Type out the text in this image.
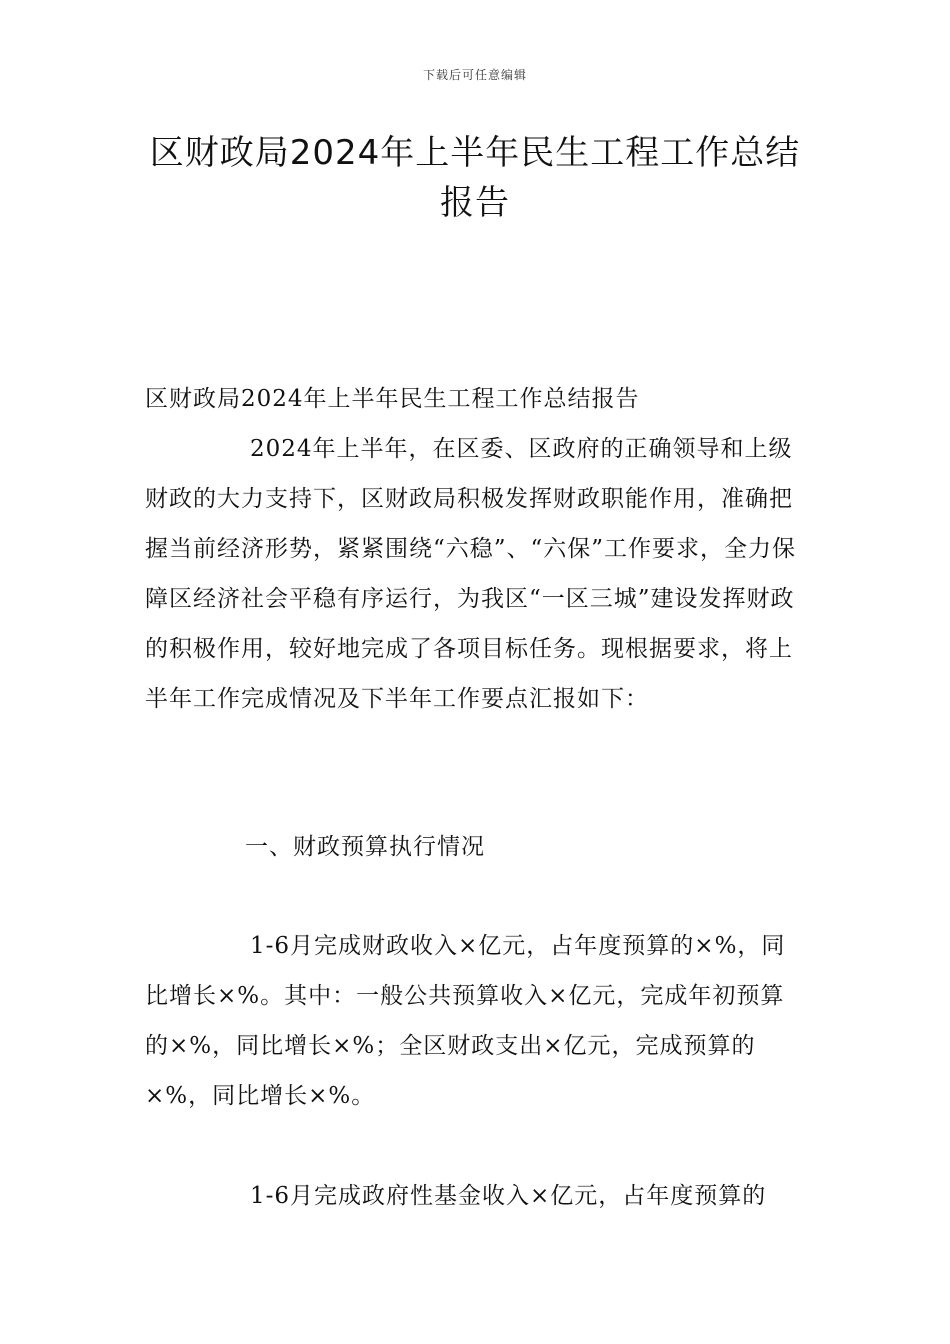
下载后可任意编辑
区财政局2024年上半年民生工程工作总结报告

区财政局2024年上半年民生工程工作总结报告

2024年上半年，在区委、区政府的正确领导和上级财政的大力支持下，区财政局积极发挥财政职能作用，准确把握当前经济形势，紧紧围绕“六稳”、“六保”工作要求，全力保障区经济社会平稳有序运行，为我区“一区三城”建设发挥财政的积极作用，较好地完成了各项目标任务。现根据要求，将上半年工作完成情况及下半年工作要点汇报如下：

一、财政预算执行情况

1-6月完成财政收入×亿元，占年度预算的×%，同比增长×%。其中：一般公共预算收入×亿元，完成年初预算的×%，同比增长×%；全区财政支出×亿元，完成预算的×%，同比增长×%。

1-6月完成政府性基金收入×亿元，占年度预算的
